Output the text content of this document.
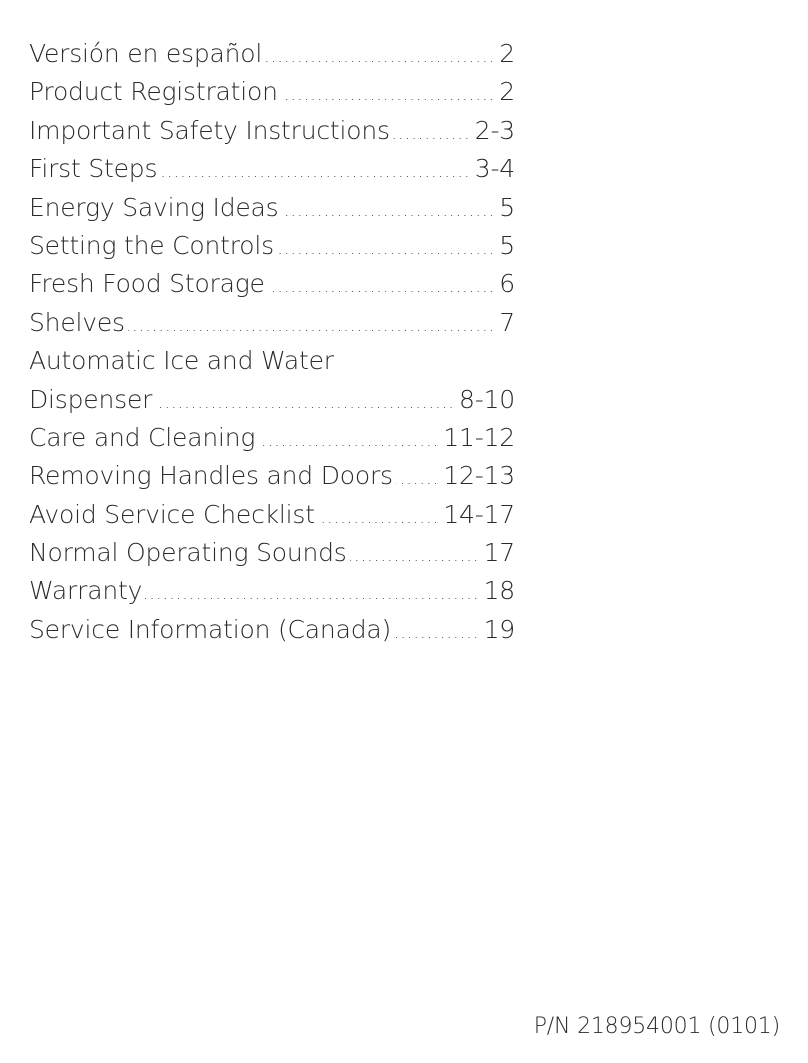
Versión en español .....	2
Product Registration .....	2
Important Safety Instructions .....	2-3
First Steps .....	3-4
Energy Saving Ideas .....	5
Setting the Controls .....	5
Fresh Food Storage .....	6
Shelves .....	7
Automatic Ice and Water
Dispenser .....	8-10
Care and Cleaning .....	11-12
Removing Handles and Doors ..... 12-13
Avoid Service Checklist .....	14-17
Normal Operating Sounds .....	17
Warranty .....	18
Service Information (Canada) .....	19
P/N 218954001 (0101)
